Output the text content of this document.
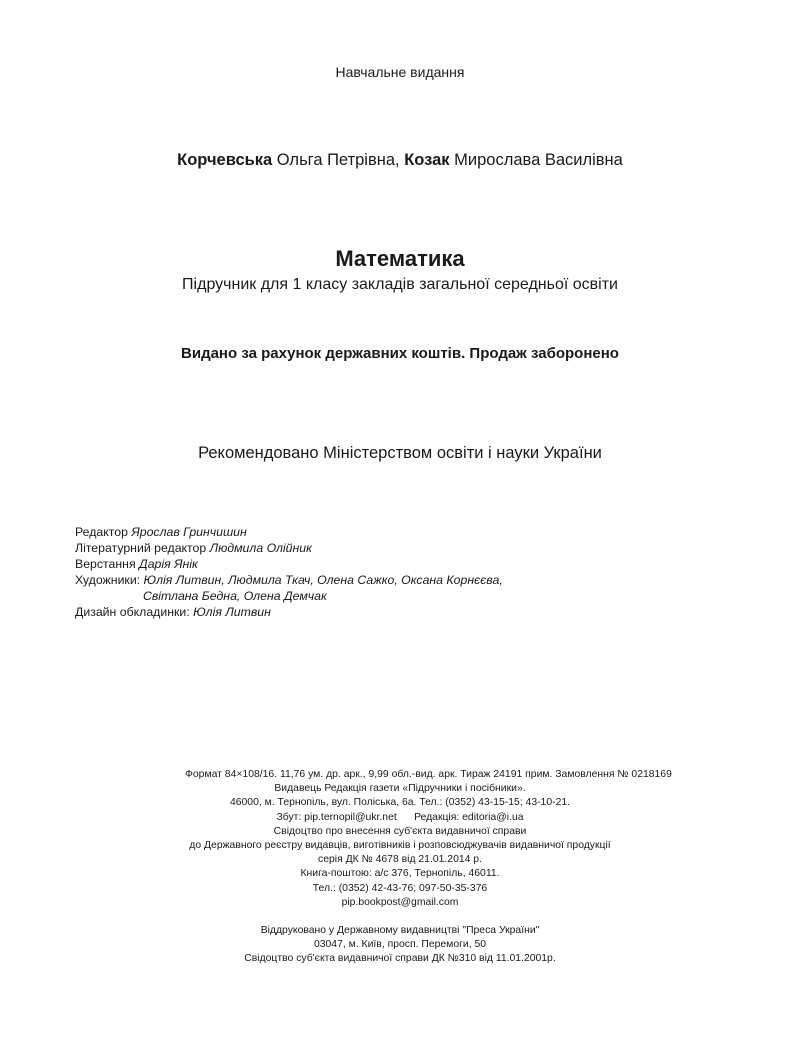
Навчальне видання
Корчевська Ольга Петрівна, Козак Мирослава Василівна
Математика
Підручник для 1 класу закладів загальної середньої освіти
Видано за рахунок державних коштів. Продаж заборонено
Рекомендовано Міністерством освіти і науки України
Редактор Ярослав Гринчишин
Літературний редактор Людмила Олійник
Верстання Дарія Янік
Художники: Юлія Литвин, Людмила Ткач, Олена Сажко, Оксана Корнєєва,
Світлана Бедна, Олена Демчак
Дизайн обкладинки: Юлія Литвин
Формат 84×108/16. 11,76 ум. др. арк., 9,99 обл.-вид. арк. Тираж 24191 прим. Замовлення № 0218169
Видавець Редакція газети «Підручники і посібники».
46000, м. Тернопіль, вул. Поліська, 6а. Тел.: (0352) 43-15-15; 43-10-21.
Збут: pip.ternopil@ukr.net      Редакція: editoria@i.ua
Свідоцтво про внесення суб'єкта видавничої справи
до Державного реєстру видавців, виготівників і розповсюджувачів видавничої продукції
серія ДК № 4678 від 21.01.2014 р.
Книга-поштою: а/с 376, Тернопіль, 46011.
Тел.: (0352) 42-43-76; 097-50-35-376
pip.bookpost@gmail.com
Віддруковано у Державному видавництві "Преса України"
03047, м. Київ, просп. Перемоги, 50
Свідоцтво суб'єкта видавничої справи ДК №310 від 11.01.2001р.
